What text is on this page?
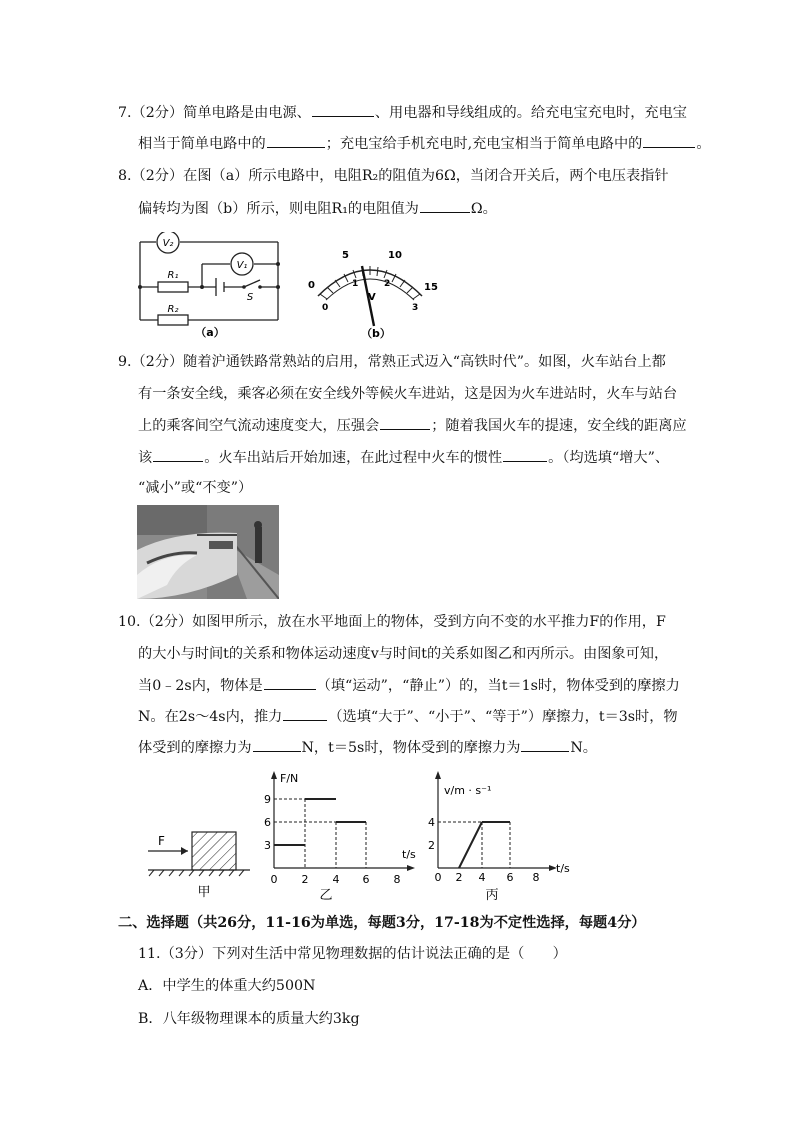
7.（2分）简单电路是由电源、	、用电器和导线组成的。给充电宝充电时，充电宝
相当于简单电路中的	；充电宝给手机充电时,充电宝相当于简单电路中的	。
8.（2分）在图（a）所示电路中，电阻R₂的阻值为6Ω，当闭合开关后，两个电压表指针
偏转均为图（b）所示，则电阻R₁的电阻值为	Ω。
V₂
V₁
R₁
R₂
S
（a）
0
5	10
15
0
1	2
3
V
（b）
9.（2分）随着沪通铁路常熟站的启用，常熟正式迈入“高铁时代”。如图，火车站台上都
有一条安全线，乘客必须在安全线外等候火车进站，这是因为火车进站时，火车与站台
上的乘客间空气流动速度变大，压强会	；随着我国火车的提速，安全线的距离应
该	。火车出站后开始加速，在此过程中火车的惯性	。（均选填“增大”、
“减小”或“不变”）
10.（2分）如图甲所示，放在水平地面上的物体，受到方向不变的水平推力F的作用，F
的大小与时间t的关系和物体运动速度v与时间t的关系如图乙和丙所示。由图象可知，
当0﹣2s内，物体是	（填“运动”，“静止”）的，当t＝1s时，物体受到的摩擦力
N。在2s～4s内，推力	（选填“大于”、“小于”、“等于”）摩擦力，t＝3s时，物
体受到的摩擦力为	N，t＝5s时，物体受到的摩擦力为	N。
F
甲
F/N
t/s
3
6
9
0 2 4 6 8
乙
v/m · s⁻¹
t/s
2
4
0 2 4 6 8
丙
二、选择题（共26分，11-16为单选，每题3分，17-18为不定性选择，每题4分）
11.（3分）下列对生活中常见物理数据的估计说法正确的是（　　）
A．中学生的体重大约500N
B．八年级物理课本的质量大约3kg
